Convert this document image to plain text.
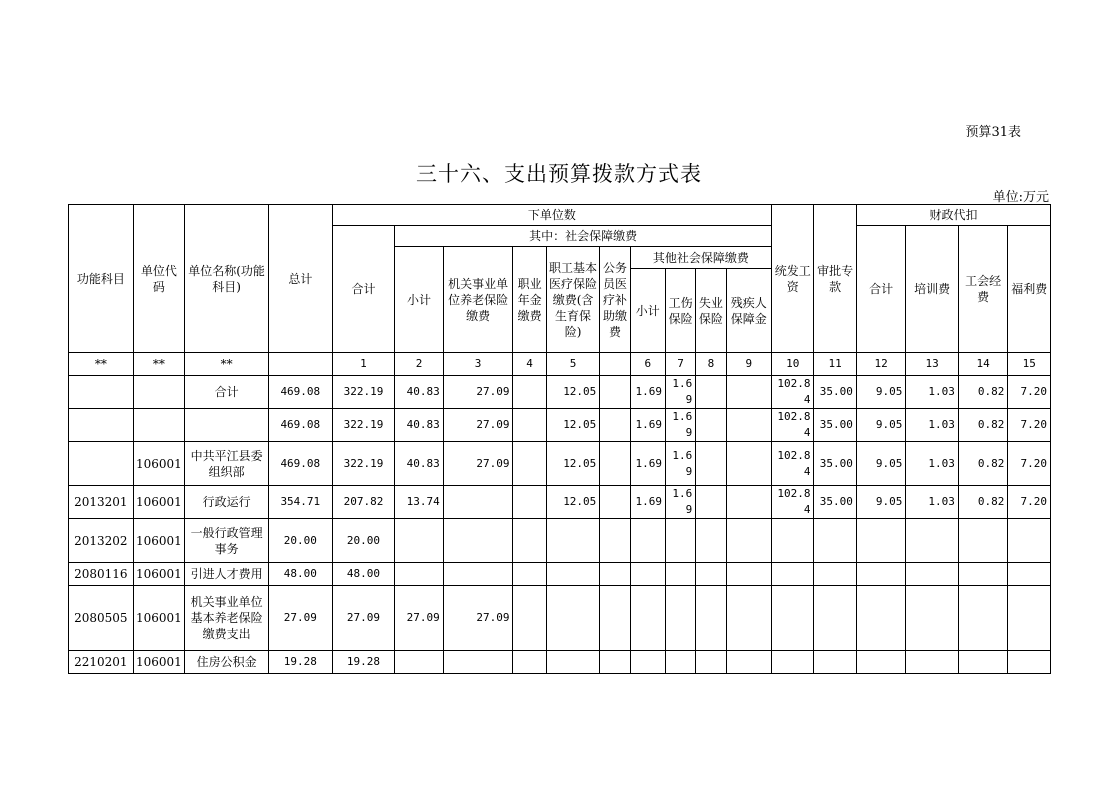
预算31表
三十六、支出预算拨款方式表
单位:万元
功能科目	单位代码	单位名称(功能科目)	总计	下单位数										统发工资	审批专款	财政代扣			
				合计	其中：社会保障缴费											合计	培训费	工会经费	福利费
					小计	机关事业单位养老保险缴费	职业年金缴费	职工基本医疗保险缴费(含生育保险)	公务员医疗补助缴费	其他社会保障缴费									
										小计	工伤保险	失业保险	残疾人保障金						
**	**	**		1	2	3	4	5		6	7	8	9	10	11	12	13	14	15
		合计	469.08	322.19	40.83	27.09		12.05		1.69	1.69			102.84	35.00	9.05	1.03	0.82	7.20
			469.08	322.19	40.83	27.09		12.05		1.69	1.69			102.84	35.00	9.05	1.03	0.82	7.20
	106001	中共平江县委组织部	469.08	322.19	40.83	27.09		12.05		1.69	1.69			102.84	35.00	9.05	1.03	0.82	7.20
2013201	106001	行政运行	354.71	207.82	13.74			12.05		1.69	1.69			102.84	35.00	9.05	1.03	0.82	7.20
2013202	106001	一般行政管理事务	20.00	20.00															
2080116	106001	引进人才费用	48.00	48.00															
2080505	106001	机关事业单位基本养老保险缴费支出	27.09	27.09	27.09	27.09													
2210201	106001	住房公积金	19.28	19.28															
